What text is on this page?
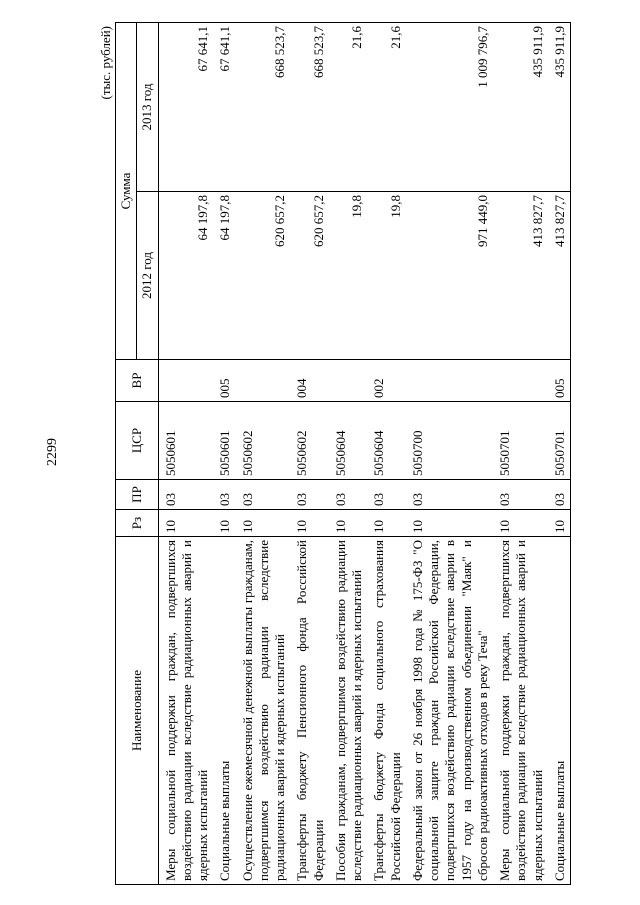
2299
(тыс. рублей)
Наименование	Рз	ПР	ЦСР	ВР	Сумма	
					2012 год	2013 год
Меры социальной поддержки граждан, подвергшихся воздействию радиации вследствие радиационных аварий и ядерных испытаний	10	03	5050601		64 197,8	67 641,1
Социальные выплаты	10	03	5050601	005	64 197,8	67 641,1
Осуществление ежемесячной денежной выплаты гражданам, подвергшимся воздействию радиации вследствие радиационных аварий и ядерных испытаний	10	03	5050602		620 657,2	668 523,7
Трансферты бюджету Пенсионного фонда Российской Федерации	10	03	5050602	004	620 657,2	668 523,7
Пособия гражданам, подвергшимся воздействию радиации вследствие радиационных аварий и ядерных испытаний	10	03	5050604		19,8	21,6
Трансферты бюджету Фонда социального страхования Российской Федерации	10	03	5050604	002	19,8	21,6
Федеральный закон от 26 ноября 1998 года № 175-ФЗ "О социальной защите граждан Российской Федерации, подвергшихся воздействию радиации вследствие аварии в 1957 году на производственном объединении "Маяк" и сбросов радиоактивных отходов в реку Теча"	10	03	5050700		971 449,0	1 009 796,7
Меры социальной поддержки граждан, подвергшихся воздействию радиации вследствие радиационных аварий и ядерных испытаний	10	03	5050701		413 827,7	435 911,9
Социальные выплаты	10	03	5050701	005	413 827,7	435 911,9
